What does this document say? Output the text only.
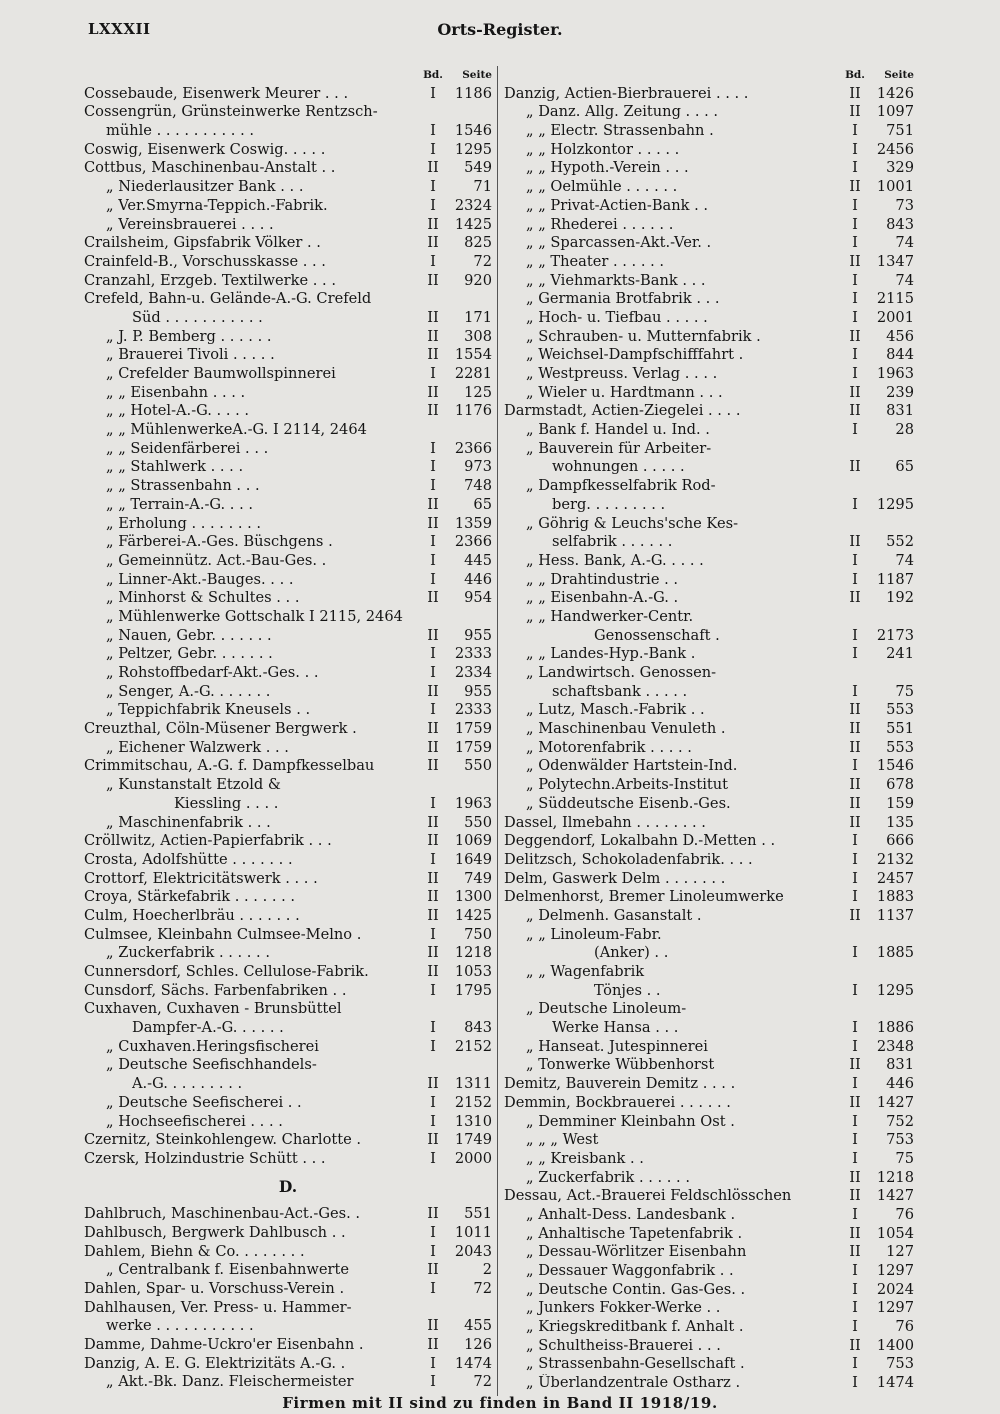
LXXXII	Orts-Register.
Bd.	Seite
Cossebaude, Eisenwerk Meurer . . .	I	1186
Cossengrün, Grünsteinwerke Rentzsch-
mühle . . . . . . . . . . .	I	1546
Coswig, Eisenwerk Coswig. . . . .	I	1295
Cottbus, Maschinenbau-Anstalt . .	II	549
„ Niederlausitzer Bank . . .	I	71
„ Ver.Smyrna-Teppich.-Fabrik.	I	2324
„ Vereinsbrauerei . . . .	II	1425
Crailsheim, Gipsfabrik Völker . .	II	825
Crainfeld-B., Vorschusskasse . . .	I	72
Cranzahl, Erzgeb. Textilwerke . . .	II	920
Crefeld, Bahn-u. Gelände-A.-G. Crefeld
Süd . . . . . . . . . . .	II	171
„ J. P. Bemberg . . . . . .	II	308
„ Brauerei Tivoli . . . . .	II	1554
„ Crefelder Baumwollspinnerei	I	2281
„ „ Eisenbahn . . . .	II	125
„ „ Hotel-A.-G. . . . .	II	1176
„ „ MühlenwerkeA.-G. I 2114, 2464
„ „ Seidenfärberei . . .	I	2366
„ „ Stahlwerk . . . .	I	973
„ „ Strassenbahn . . .	I	748
„ „ Terrain-A.-G. . . .	II	65
„ Erholung . . . . . . . .	II	1359
„ Färberei-A.-Ges. Büschgens .	I	2366
„ Gemeinnütz. Act.-Bau-Ges. .	I	445
„ Linner-Akt.-Bauges. . . .	I	446
„ Minhorst & Schultes . . .	II	954
„ Mühlenwerke Gottschalk I 2115, 2464
„ Nauen, Gebr. . . . . . .	II	955
„ Peltzer, Gebr. . . . . . .	I	2333
„ Rohstoffbedarf-Akt.-Ges. . .	I	2334
„ Senger, A.-G. . . . . . .	II	955
„ Teppichfabrik Kneusels . .	I	2333
Creuzthal, Cöln-Müsener Bergwerk .	II	1759
„ Eichener Walzwerk . . .	II	1759
Crimmitschau, A.-G. f. Dampfkesselbau	II	550
„ Kunstanstalt Etzold &
Kiessling . . . .	I	1963
„ Maschinenfabrik . . .	II	550
Cröllwitz, Actien-Papierfabrik . . .	II	1069
Crosta, Adolfshütte . . . . . . .	I	1649
Crottorf, Elektricitätswerk . . . .	II	749
Croya, Stärkefabrik . . . . . . .	II	1300
Culm, Hoecherlbräu . . . . . . .	II	1425
Culmsee, Kleinbahn Culmsee-Melno .	I	750
„ Zuckerfabrik . . . . . .	II	1218
Cunnersdorf, Schles. Cellulose-Fabrik.	II	1053
Cunsdorf, Sächs. Farbenfabriken . .	I	1795
Cuxhaven, Cuxhaven - Brunsbüttel
Dampfer-A.-G. . . . . .	I	843
„ Cuxhaven.Heringsfischerei	I	2152
„ Deutsche Seefischhandels-
A.-G. . . . . . . . .	II	1311
„ Deutsche Seefischerei . .	I	2152
„ Hochseefischerei . . . .	I	1310
Czernitz, Steinkohlengew. Charlotte .	II	1749
Czersk, Holzindustrie Schütt . . .	I	2000
D.
Dahlbruch, Maschinenbau-Act.-Ges. .	II	551
Dahlbusch, Bergwerk Dahlbusch . .	I	1011
Dahlem, Biehn & Co. . . . . . . .	I	2043
„ Centralbank f. Eisenbahnwerte	II	2
Dahlen, Spar- u. Vorschuss-Verein .	I	72
Dahlhausen, Ver. Press- u. Hammer-
werke . . . . . . . . . . .	II	455
Damme, Dahme-Uckro'er Eisenbahn .	II	126
Danzig, A. E. G. Elektrizitäts A.-G. .	I	1474
„ Akt.-Bk. Danz. Fleischermeister	I	72
Bd.	Seite
Danzig, Actien-Bierbrauerei . . . .	II	1426
„ Danz. Allg. Zeitung . . . .	II	1097
„ „ Electr. Strassenbahn .	I	751
„ „ Holzkontor . . . . .	I	2456
„ „ Hypoth.-Verein . . .	I	329
„ „ Oelmühle . . . . . .	II	1001
„ „ Privat-Actien-Bank . .	I	73
„ „ Rhederei . . . . . .	I	843
„ „ Sparcassen-Akt.-Ver. .	I	74
„ „ Theater . . . . . .	II	1347
„ „ Viehmarkts-Bank . . .	I	74
„ Germania Brotfabrik . . .	I	2115
„ Hoch- u. Tiefbau . . . . .	I	2001
„ Schrauben- u. Mutternfabrik .	II	456
„ Weichsel-Dampfschifffahrt .	I	844
„ Westpreuss. Verlag . . . .	I	1963
„ Wieler u. Hardtmann . . .	II	239
Darmstadt, Actien-Ziegelei . . . .	II	831
„ Bank f. Handel u. Ind. .	I	28
„ Bauverein für Arbeiter-
wohnungen . . . . .	II	65
„ Dampfkesselfabrik Rod-
berg. . . . . . . . .	I	1295
„ Göhrig & Leuchs'sche Kes-
selfabrik . . . . . .	II	552
„ Hess. Bank, A.-G. . . . .	I	74
„ „ Drahtindustrie . .	I	1187
„ „ Eisenbahn-A.-G. .	II	192
„ „ Handwerker-Centr.
Genossenschaft .	I	2173
„ „ Landes-Hyp.-Bank .	I	241
„ Landwirtsch. Genossen-
schaftsbank . . . . .	I	75
„ Lutz, Masch.-Fabrik . .	II	553
„ Maschinenbau Venuleth .	II	551
„ Motorenfabrik . . . . .	II	553
„ Odenwälder Hartstein-Ind.	I	1546
„ Polytechn.Arbeits-Institut	II	678
„ Süddeutsche Eisenb.-Ges.	II	159
Dassel, Ilmebahn . . . . . . . .	II	135
Deggendorf, Lokalbahn D.-Metten . .	I	666
Delitzsch, Schokoladenfabrik. . . .	I	2132
Delm, Gaswerk Delm . . . . . . .	I	2457
Delmenhorst, Bremer Linoleumwerke	I	1883
„ Delmenh. Gasanstalt .	II	1137
„ „ Linoleum-Fabr.
(Anker) . .	I	1885
„ „ Wagenfabrik
Tönjes . .	I	1295
„ Deutsche Linoleum-
Werke Hansa . . .	I	1886
„ Hanseat. Jutespinnerei	I	2348
„ Tonwerke Wübbenhorst	II	831
Demitz, Bauverein Demitz . . . .	I	446
Demmin, Bockbrauerei . . . . . .	II	1427
„ Demminer Kleinbahn Ost .	I	752
„ „ „ West	I	753
„ „ Kreisbank . .	I	75
„ Zuckerfabrik . . . . . .	II	1218
Dessau, Act.-Brauerei Feldschlösschen	II	1427
„ Anhalt-Dess. Landesbank .	I	76
„ Anhaltische Tapetenfabrik .	II	1054
„ Dessau-Wörlitzer Eisenbahn	II	127
„ Dessauer Waggonfabrik . .	I	1297
„ Deutsche Contin. Gas-Ges. .	I	2024
„ Junkers Fokker-Werke . .	I	1297
„ Kriegskreditbank f. Anhalt .	I	76
„ Schultheiss-Brauerei . . .	II	1400
„ Strassenbahn-Gesellschaft .	I	753
„ Überlandzentrale Ostharz .	I	1474
Firmen mit II sind zu finden in Band II 1918/19.
